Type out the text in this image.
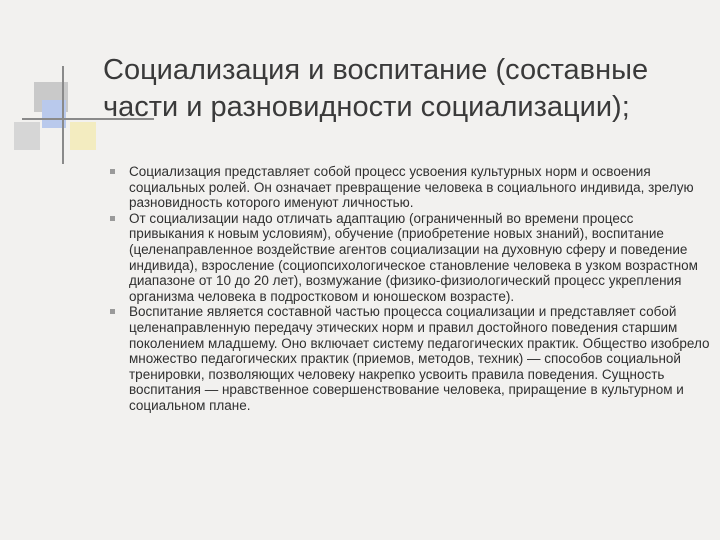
Социализация и воспитание (составные части и разновидности социализации);
Социализация представляет собой процесс усвоения культурных норм и освоения социальных ролей. Он означает превращение человека в социального индивида, зрелую разновидность которого именуют личностью.
От социализации надо отличать адаптацию (ограниченный во времени процесс привыкания к новым условиям), обучение (приобретение новых знаний), воспитание (целенаправленное воздействие агентов социализации на духовную сферу и поведение индивида), взросление (социопсихологическое становление человека в узком возрастном диапазоне от 10 до 20 лет), возмужание (физико-физиологический процесс укрепления организма человека в подростковом и юношеском возрасте).
Воспитание является составной частью процесса социализации и представляет собой целенаправленную передачу этических норм и правил достойного поведения старшим поколением младшему. Оно включает систему педагогических практик. Общество изобрело множество педагогических практик (приемов, методов, техник) — способов социальной тренировки, позволяющих человеку накрепко усвоить правила поведения. Сущность воспитания — нравственное совершенствование человека, приращение в культурном и социальном плане.
